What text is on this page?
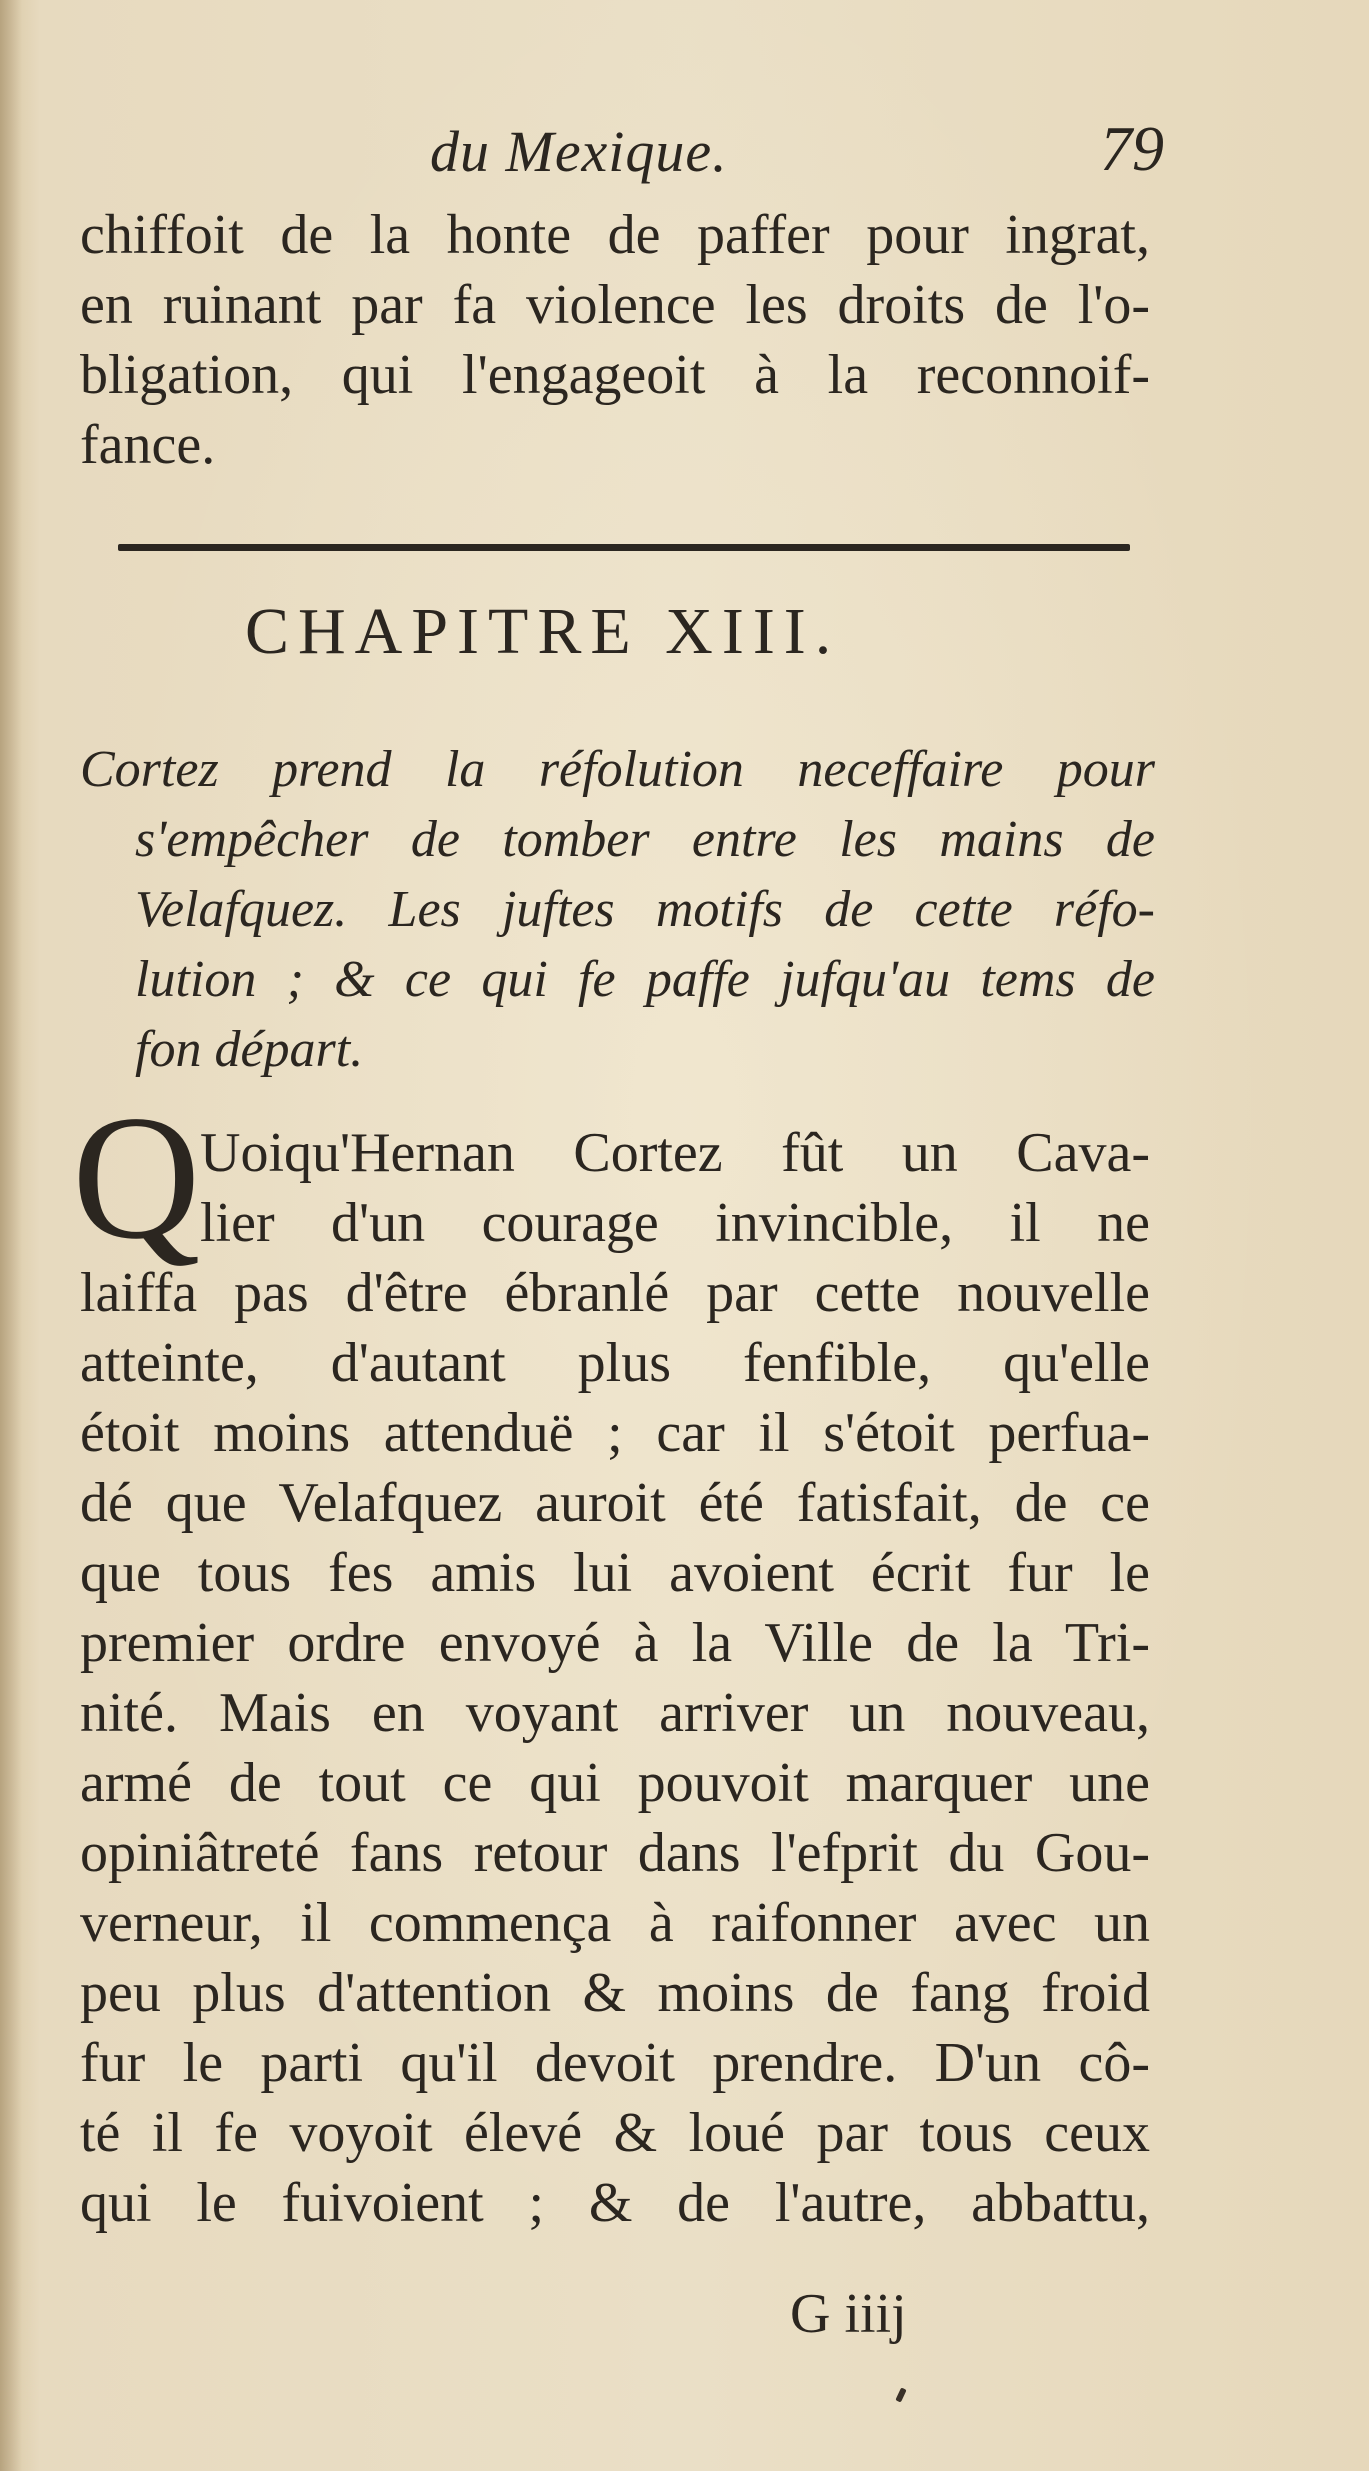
du Mexique.	79
chiffoit de la honte de paffer pour ingrat,
en ruinant par fa violence les droits de l'o-
bligation, qui l'engageoit à la reconnoif-
fance.
CHAPITRE XIII.
Cortez prend la réfolution neceffaire pour
s'empêcher de tomber entre les mains de
Velafquez. Les juftes motifs de cette réfo-
lution ; & ce qui fe paffe jufqu'au tems de
fon départ.
Q Uoiqu'Hernan Cortez fût un Cava-
lier d'un courage invincible, il ne
laiffa pas d'être ébranlé par cette nouvelle
atteinte, d'autant plus fenfible, qu'elle
étoit moins attenduë ; car il s'étoit perfua-
dé que Velafquez auroit été fatisfait, de ce
que tous fes amis lui avoient écrit fur le
premier ordre envoyé à la Ville de la Tri-
nité. Mais en voyant arriver un nouveau,
armé de tout ce qui pouvoit marquer une
opiniâtreté fans retour dans l'efprit du Gou-
verneur, il commença à raifonner avec un
peu plus d'attention & moins de fang froid
fur le parti qu'il devoit prendre. D'un cô-
té il fe voyoit élevé & loué par tous ceux
qui le fuivoient ; & de l'autre, abbattu,
G iiij
